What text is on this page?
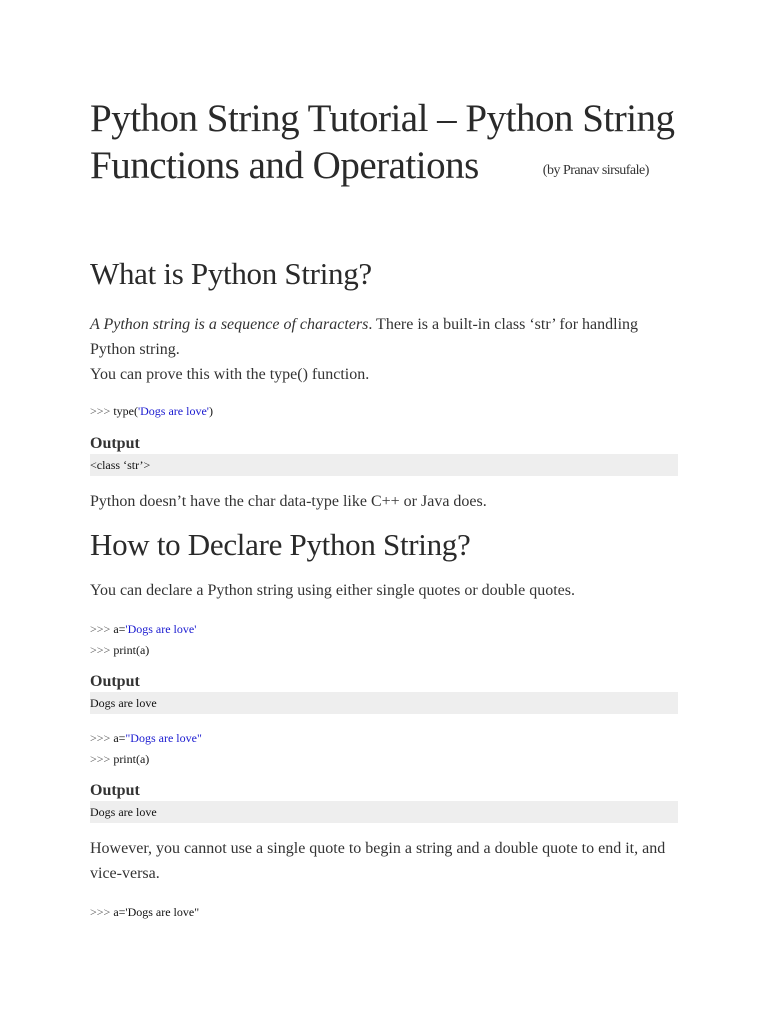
Python String Tutorial – Python String
Functions and Operations	(by Pranav sirsufale)
What is Python String?

A Python string is a sequence of characters. There is a built-in class ‘str’ for handling Python string.
You can prove this with the type() function.

>>> type('Dogs are love')
Output
<class ‘str’>

Python doesn’t have the char data-type like C++ or Java does.

How to Declare Python String?

You can declare a Python string using either single quotes or double quotes.

>>> a='Dogs are love'
>>> print(a)
Output
Dogs are love
>>> a="Dogs are love"
>>> print(a)
Output
Dogs are love

However, you cannot use a single quote to begin a string and a double quote to end it, and vice-versa.

>>> a='Dogs are love"
